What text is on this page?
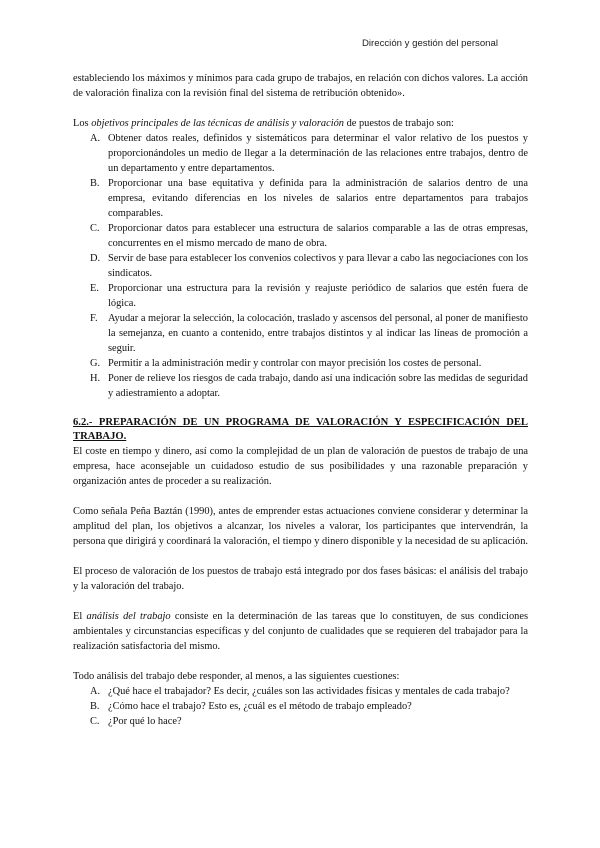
Dirección y gestión del personal

estableciendo los máximos y mínimos para cada grupo de trabajos, en relación con dichos valores. La acción de valoración finaliza con la revisión final del sistema de retribución obtenido».

Los objetivos principales de las técnicas de análisis y valoración de puestos de trabajo son:

A. Obtener datos reales, definidos y sistemáticos para determinar el valor relativo de los puestos y proporcionándoles un medio de llegar a la determinación de las relaciones entre trabajos, dentro de un departamento y entre departamentos.
B. Proporcionar una base equitativa y definida para la administración de salarios dentro de una empresa, evitando diferencias en los niveles de salarios entre departamentos para trabajos comparables.
C. Proporcionar datos para establecer una estructura de salarios comparable a las de otras empresas, concurrentes en el mismo mercado de mano de obra.
D. Servir de base para establecer los convenios colectivos y para llevar a cabo las negociaciones con los sindicatos.
E. Proporcionar una estructura para la revisión y reajuste periódico de salarios que estén fuera de lógica.
F. Ayudar a mejorar la selección, la colocación, traslado y ascensos del personal, al poner de manifiesto la semejanza, en cuanto a contenido, entre trabajos distintos y al indicar las líneas de promoción a seguir.
G. Permitir a la administración medir y controlar con mayor precisión los costes de personal.
H. Poner de relieve los riesgos de cada trabajo, dando así una indicación sobre las medidas de seguridad y adiestramiento a adoptar.

6.2.- PREPARACIÓN DE UN PROGRAMA DE VALORACIÓN Y ESPECIFICACIÓN DEL TRABAJO.

El coste en tiempo y dinero, así como la complejidad de un plan de valoración de puestos de trabajo de una empresa, hace aconsejable un cuidadoso estudio de sus posibilidades y una razonable preparación y organización antes de proceder a su realización.

Como señala Peña Baztán (1990), antes de emprender estas actuaciones conviene considerar y determinar la amplitud del plan, los objetivos a alcanzar, los niveles a valorar, los participantes que intervendrán, la persona que dirigirá y coordinará la valoración, el tiempo y dinero disponible y la necesidad de su aplicación.

El proceso de valoración de los puestos de trabajo está integrado por dos fases básicas: el análisis del trabajo y la valoración del trabajo.

El análisis del trabajo consiste en la determinación de las tareas que lo constituyen, de sus condiciones ambientales y circunstancias específicas y del conjunto de cualidades que se requieren del trabajador para la realización satisfactoria del mismo.

Todo análisis del trabajo debe responder, al menos, a las siguientes cuestiones:

A. ¿Qué hace el trabajador? Es decir, ¿cuáles son las actividades físicas y mentales de cada trabajo?
B. ¿Cómo hace el trabajo? Esto es, ¿cuál es el método de trabajo empleado?
C. ¿Por qué lo hace?
